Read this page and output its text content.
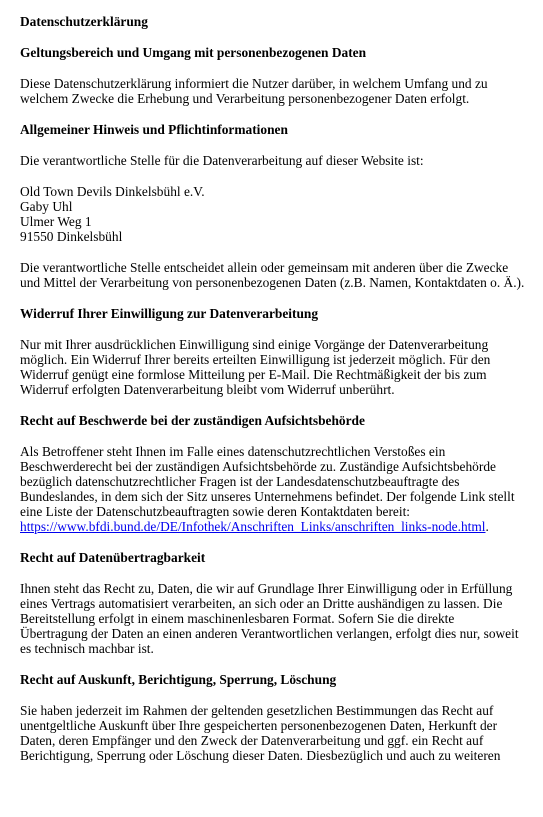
Datenschutzerklärung
Geltungsbereich und Umgang mit personenbezogenen Daten

Diese Datenschutzerklärung informiert die Nutzer darüber, in welchem Umfang und zu welchem Zwecke die Erhebung und Verarbeitung personenbezogener Daten erfolgt.

Allgemeiner Hinweis und Pflichtinformationen

Die verantwortliche Stelle für die Datenverarbeitung auf dieser Website ist:

Old Town Devils Dinkelsbühl e.V.
Gaby Uhl
Ulmer Weg 1
91550 Dinkelsbühl

Die verantwortliche Stelle entscheidet allein oder gemeinsam mit anderen über die Zwecke und Mittel der Verarbeitung von personenbezogenen Daten (z.B. Namen, Kontaktdaten o. Ä.).

Widerruf Ihrer Einwilligung zur Datenverarbeitung

Nur mit Ihrer ausdrücklichen Einwilligung sind einige Vorgänge der Datenverarbeitung möglich. Ein Widerruf Ihrer bereits erteilten Einwilligung ist jederzeit möglich. Für den Widerruf genügt eine formlose Mitteilung per E-Mail. Die Rechtmäßigkeit der bis zum Widerruf erfolgten Datenverarbeitung bleibt vom Widerruf unberührt.

Recht auf Beschwerde bei der zuständigen Aufsichtsbehörde

Als Betroffener steht Ihnen im Falle eines datenschutzrechtlichen Verstoßes ein Beschwerderecht bei der zuständigen Aufsichtsbehörde zu. Zuständige Aufsichtsbehörde bezüglich datenschutzrechtlicher Fragen ist der Landesdatenschutzbeauftragte des Bundeslandes, in dem sich der Sitz unseres Unternehmens befindet. Der folgende Link stellt eine Liste der Datenschutzbeauftragten sowie deren Kontaktdaten bereit: https://www.bfdi.bund.de/DE/Infothek/Anschriften_Links/anschriften_links-node.html.

Recht auf Datenübertragbarkeit

Ihnen steht das Recht zu, Daten, die wir auf Grundlage Ihrer Einwilligung oder in Erfüllung eines Vertrags automatisiert verarbeiten, an sich oder an Dritte aushändigen zu lassen. Die Bereitstellung erfolgt in einem maschinenlesbaren Format. Sofern Sie die direkte Übertragung der Daten an einen anderen Verantwortlichen verlangen, erfolgt dies nur, soweit es technisch machbar ist.

Recht auf Auskunft, Berichtigung, Sperrung, Löschung

Sie haben jederzeit im Rahmen der geltenden gesetzlichen Bestimmungen das Recht auf unentgeltliche Auskunft über Ihre gespeicherten personenbezogenen Daten, Herkunft der Daten, deren Empfänger und den Zweck der Datenverarbeitung und ggf. ein Recht auf Berichtigung, Sperrung oder Löschung dieser Daten. Diesbezüglich und auch zu weiteren
